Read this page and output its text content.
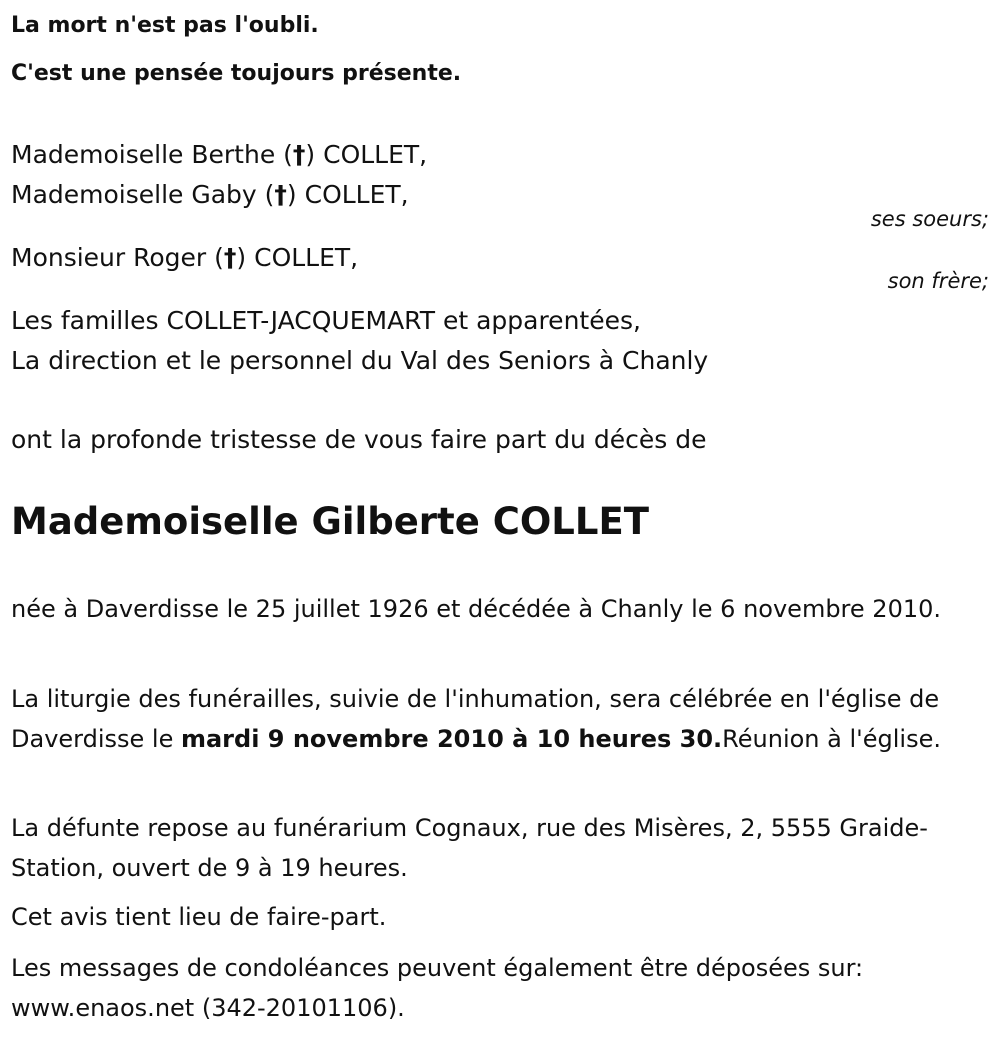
La mort n'est pas l'oubli.
C'est une pensée toujours présente.
Mademoiselle Berthe (†) COLLET,
Mademoiselle Gaby (†) COLLET,
ses soeurs;
Monsieur Roger (†) COLLET,
son frère;
Les familles COLLET-JACQUEMART et apparentées,
La direction et le personnel du Val des Seniors à Chanly
ont la profonde tristesse de vous faire part du décès de
Mademoiselle Gilberte COLLET
née à Daverdisse le 25 juillet 1926 et décédée à Chanly le 6 novembre 2010.
La liturgie des funérailles, suivie de l'inhumation, sera célébrée en l'église de Daverdisse le mardi 9 novembre 2010 à 10 heures 30.Réunion à l'église.
La défunte repose au funérarium Cognaux, rue des Misères, 2, 5555 Graide-Station, ouvert de 9 à 19 heures.
Cet avis tient lieu de faire-part.
Les messages de condoléances peuvent également être déposées sur: www.enaos.net (342-20101106).
